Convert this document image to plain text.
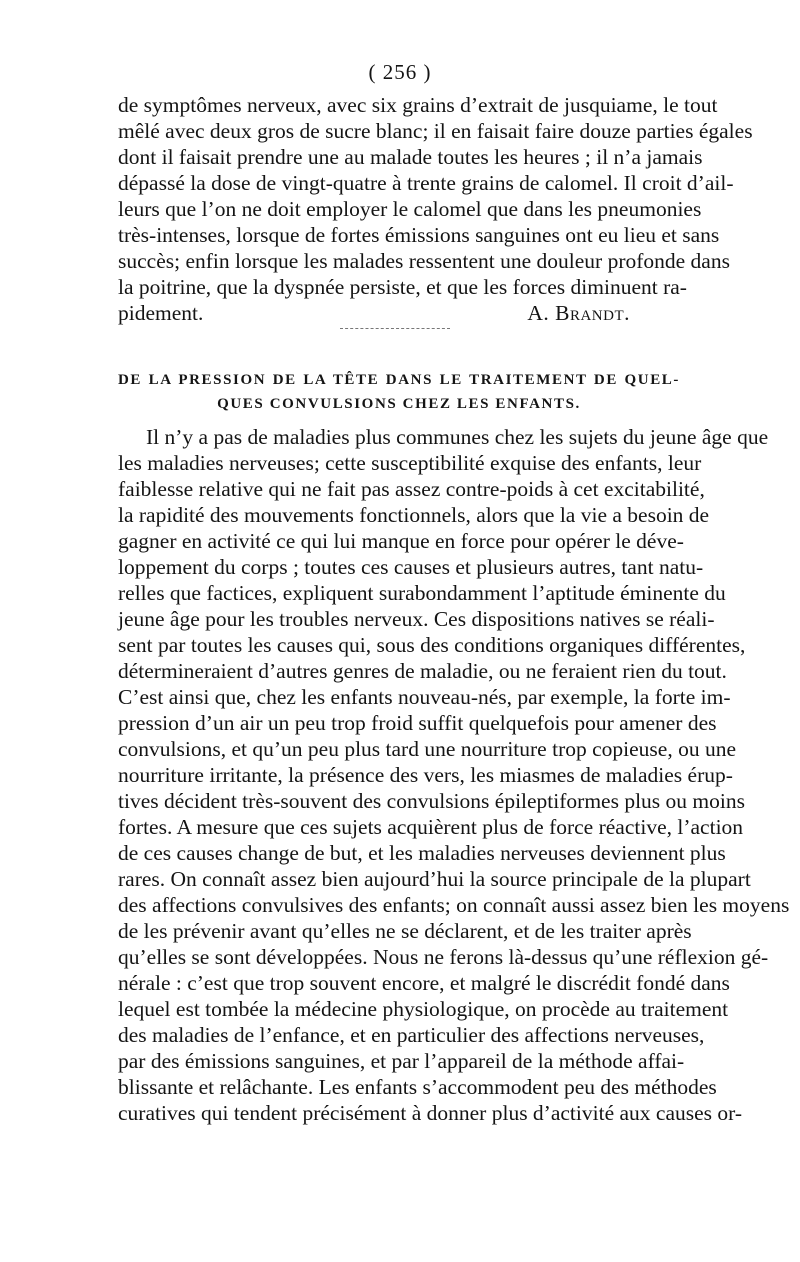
( 256 )
de symptômes nerveux, avec six grains d’extrait de jusquiame, le tout
mêlé avec deux gros de sucre blanc; il en faisait faire douze parties égales
dont il faisait prendre une au malade toutes les heures ; il n’a jamais
dépassé la dose de vingt-quatre à trente grains de calomel. Il croit d’ail-
leurs que l’on ne doit employer le calomel que dans les pneumonies
très-intenses, lorsque de fortes émissions sanguines ont eu lieu et sans
succès; enfin lorsque les malades ressentent une douleur profonde dans
la poitrine, que la dyspnée persiste, et que les forces diminuent ra-
pidement.	A. Brandt.
DE LA PRESSION DE LA TÊTE DANS LE TRAITEMENT DE QUEL-
QUES CONVULSIONS CHEZ LES ENFANTS.
Il n’y a pas de maladies plus communes chez les sujets du jeune âge que
les maladies nerveuses; cette susceptibilité exquise des enfants, leur
faiblesse relative qui ne fait pas assez contre-poids à cet excitabilité,
la rapidité des mouvements fonctionnels, alors que la vie a besoin de
gagner en activité ce qui lui manque en force pour opérer le déve-
loppement du corps ; toutes ces causes et plusieurs autres, tant natu-
relles que factices, expliquent surabondamment l’aptitude éminente du
jeune âge pour les troubles nerveux. Ces dispositions natives se réali-
sent par toutes les causes qui, sous des conditions organiques différentes,
détermineraient d’autres genres de maladie, ou ne feraient rien du tout.
C’est ainsi que, chez les enfants nouveau-nés, par exemple, la forte im-
pression d’un air un peu trop froid suffit quelquefois pour amener des
convulsions, et qu’un peu plus tard une nourriture trop copieuse, ou une
nourriture irritante, la présence des vers, les miasmes de maladies érup-
tives décident très-souvent des convulsions épileptiformes plus ou moins
fortes. A mesure que ces sujets acquièrent plus de force réactive, l’action
de ces causes change de but, et les maladies nerveuses deviennent plus
rares. On connaît assez bien aujourd’hui la source principale de la plupart
des affections convulsives des enfants; on connaît aussi assez bien les moyens
de les prévenir avant qu’elles ne se déclarent, et de les traiter après
qu’elles se sont développées. Nous ne ferons là-dessus qu’une réflexion gé-
nérale : c’est que trop souvent encore, et malgré le discrédit fondé dans
lequel est tombée la médecine physiologique, on procède au traitement
des maladies de l’enfance, et en particulier des affections nerveuses,
par des émissions sanguines, et par l’appareil de la méthode affai-
blissante et relâchante. Les enfants s’accommodent peu des méthodes
curatives qui tendent précisément à donner plus d’activité aux causes or-
